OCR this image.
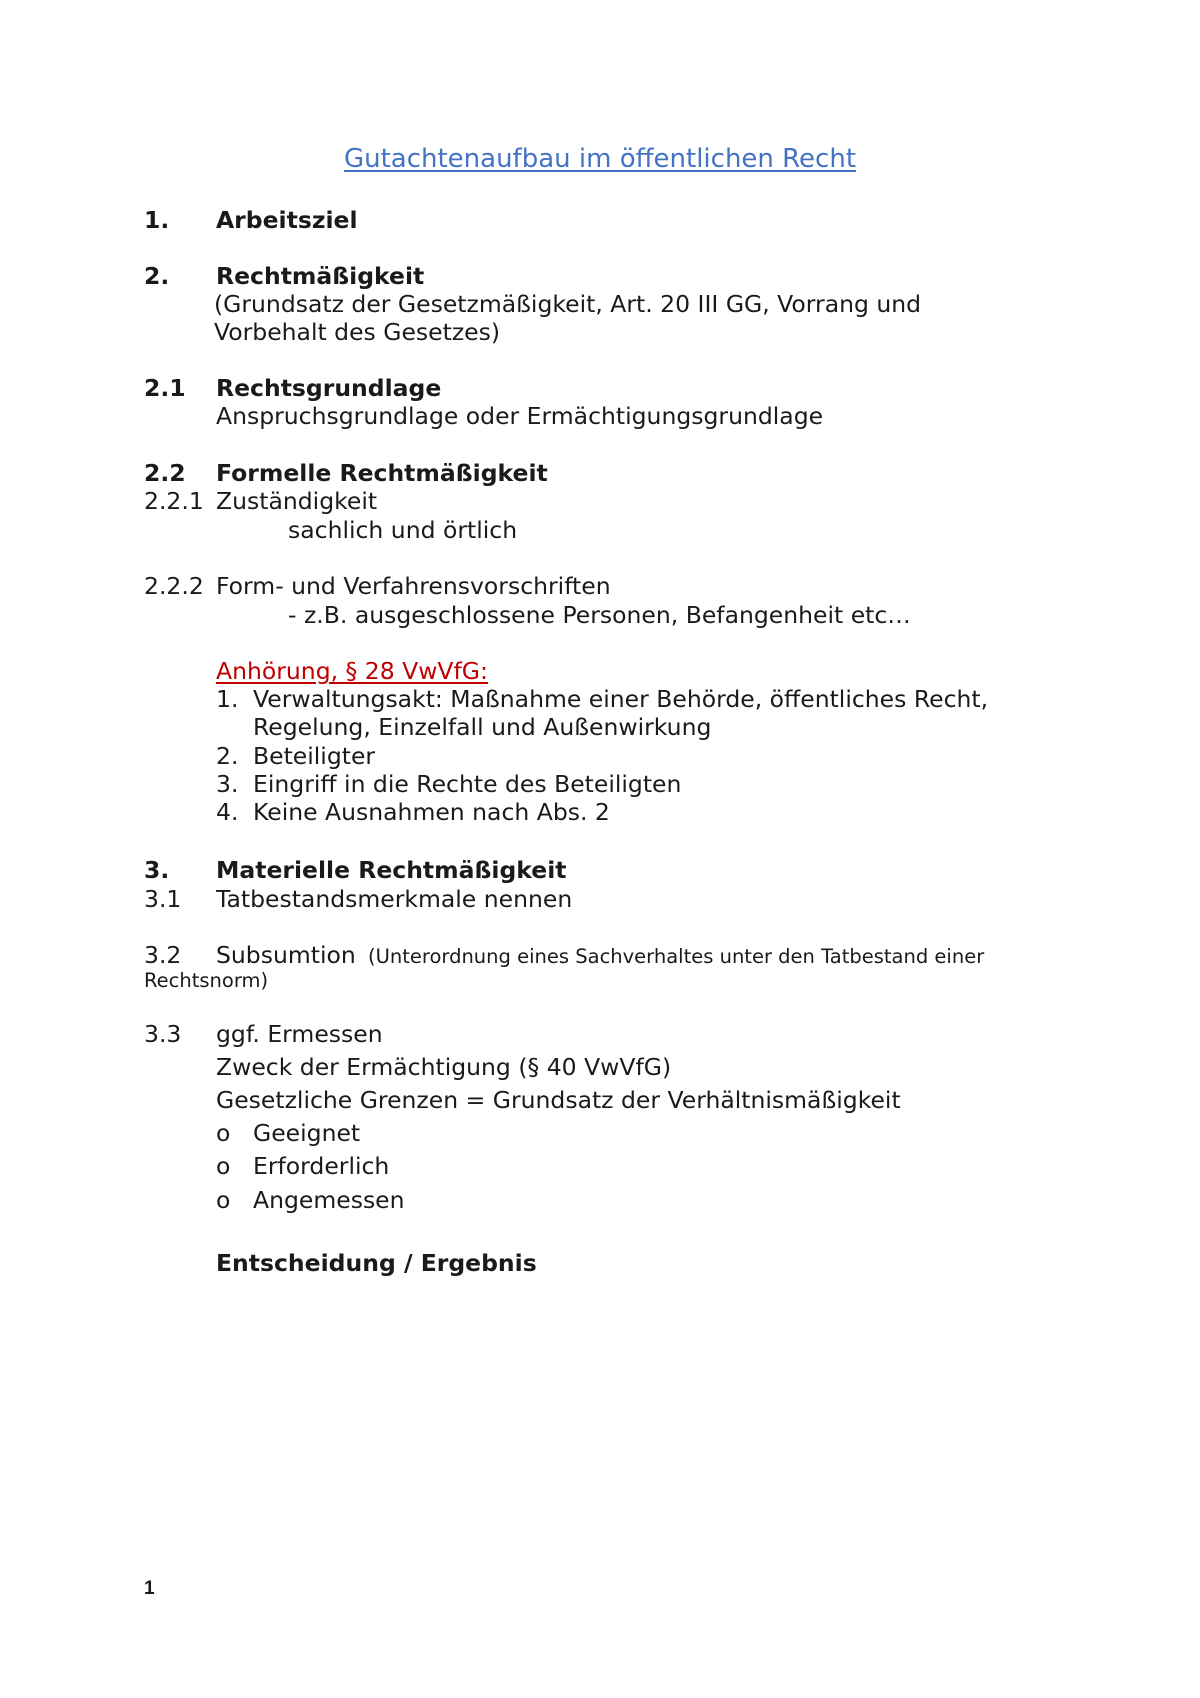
Gutachtenaufbau im öffentlichen Recht
1. Arbeitsziel
2. Rechtmäßigkeit
(Grundsatz der Gesetzmäßigkeit, Art. 20 III GG, Vorrang und
Vorbehalt des Gesetzes)
2.1 Rechtsgrundlage
Anspruchsgrundlage oder Ermächtigungsgrundlage
2.2 Formelle Rechtmäßigkeit
2.2.1 Zuständigkeit
sachlich und örtlich
2.2.2 Form- und Verfahrensvorschriften
- z.B. ausgeschlossene Personen, Befangenheit etc…
Anhörung, § 28 VwVfG:
1. Verwaltungsakt: Maßnahme einer Behörde, öffentliches Recht,
Regelung, Einzelfall und Außenwirkung
2. Beteiligter
3. Eingriff in die Rechte des Beteiligten
4. Keine Ausnahmen nach Abs. 2
3. Materielle Rechtmäßigkeit
3.1 Tatbestandsmerkmale nennen
3.2 Subsumtion (Unterordnung eines Sachverhaltes unter den Tatbestand einer
Rechtsnorm)
3.3 ggf. Ermessen
Zweck der Ermächtigung (§ 40 VwVfG)
Gesetzliche Grenzen = Grundsatz der Verhältnismäßigkeit
o Geeignet
o Erforderlich
o Angemessen
Entscheidung / Ergebnis
1
